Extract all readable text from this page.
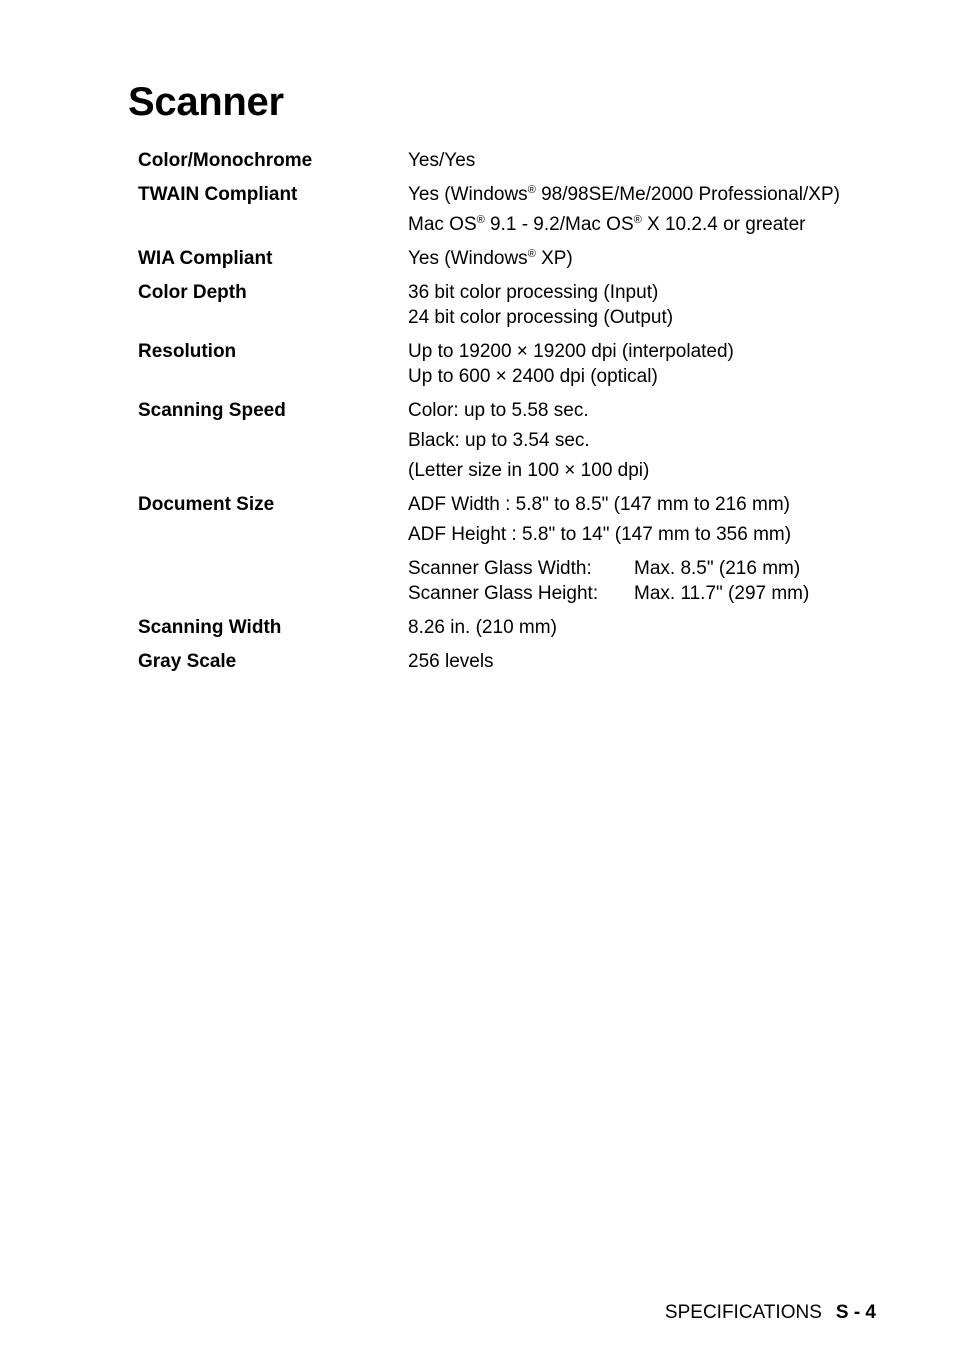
Scanner
Color/Monochrome	Yes/Yes
TWAIN Compliant	Yes (Windows® 98/98SE/Me/2000 Professional/XP)
Mac OS® 9.1 - 9.2/Mac OS® X 10.2.4 or greater
WIA Compliant	Yes (Windows® XP)
Color Depth	36 bit color processing (Input)
24 bit color processing (Output)
Resolution	Up to 19200 × 19200 dpi (interpolated)
Up to 600 × 2400 dpi (optical)
Scanning Speed	Color: up to 5.58 sec.
Black: up to 3.54 sec.
(Letter size in 100 × 100 dpi)
Document Size	ADF Width : 5.8" to 8.5" (147 mm to 216 mm)
ADF Height : 5.8" to 14" (147 mm to 356 mm)
Scanner Glass Width:	Max. 8.5" (216 mm)
Scanner Glass Height:	Max. 11.7" (297 mm)
Scanning Width	8.26 in. (210 mm)
Gray Scale	256 levels
SPECIFICATIONS S - 4
